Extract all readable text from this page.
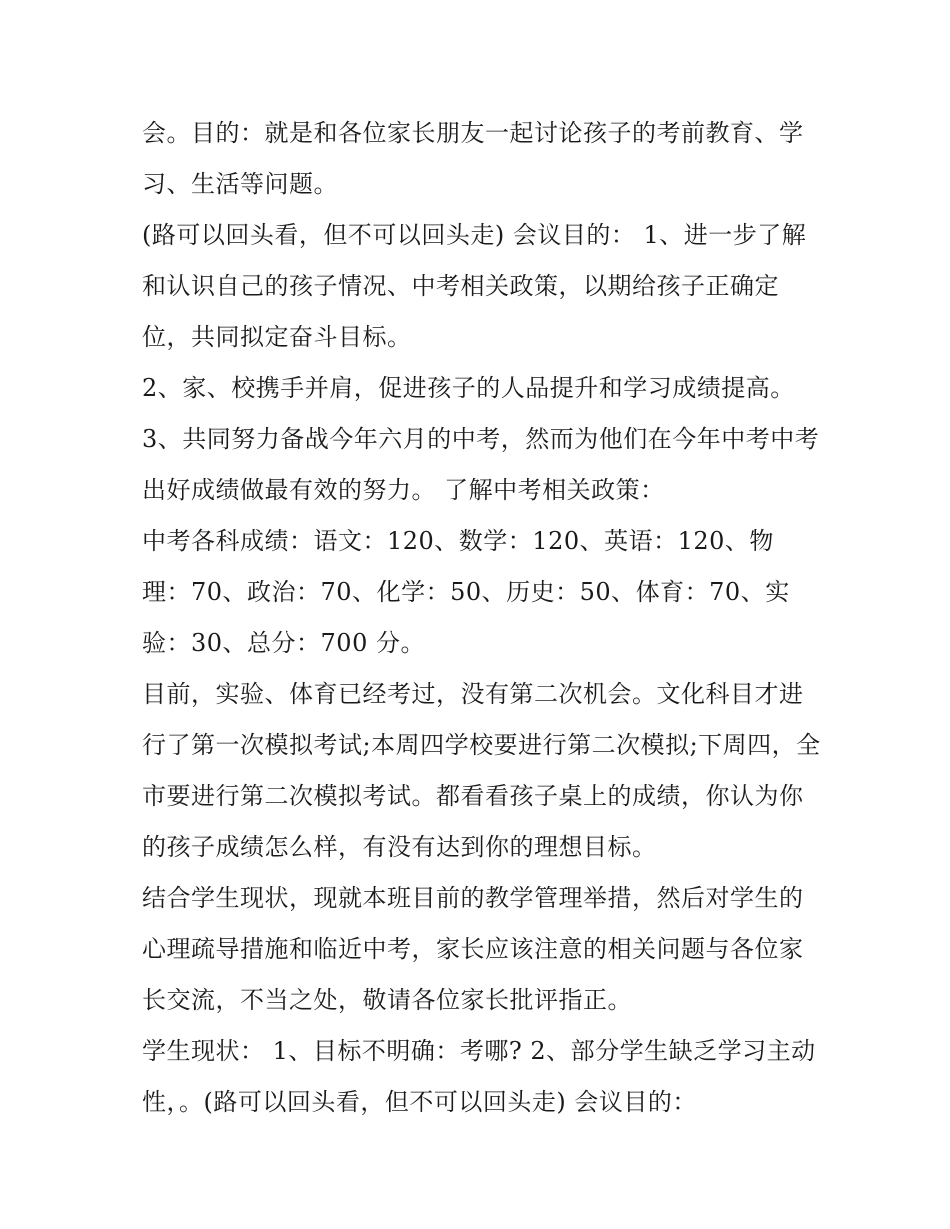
会。目的：就是和各位家长朋友一起讨论孩子的考前教育、学习、生活等问题。

(路可以回头看，但不可以回头走) 会议目的： 1、进一步了解和认识自己的孩子情况、中考相关政策，以期给孩子正确定位，共同拟定奋斗目标。

2、家、校携手并肩，促进孩子的人品提升和学习成绩提高。

3、共同努力备战今年六月的中考，然而为他们在今年中考中考出好成绩做最有效的努力。 了解中考相关政策：

中考各科成绩：语文：120、数学：120、英语：120、物理：70、政治：70、化学：50、历史：50、体育：70、实验：30、总分：700 分。

目前，实验、体育已经考过，没有第二次机会。文化科目才进行了第一次模拟考试;本周四学校要进行第二次模拟;下周四，全市要进行第二次模拟考试。都看看孩子桌上的成绩，你认为你的孩子成绩怎么样，有没有达到你的理想目标。

结合学生现状，现就本班目前的教学管理举措，然后对学生的心理疏导措施和临近中考，家长应该注意的相关问题与各位家长交流，不当之处，敬请各位家长批评指正。

学生现状： 1、目标不明确：考哪? 2、部分学生缺乏学习主动性，。(路可以回头看，但不可以回头走) 会议目的：
